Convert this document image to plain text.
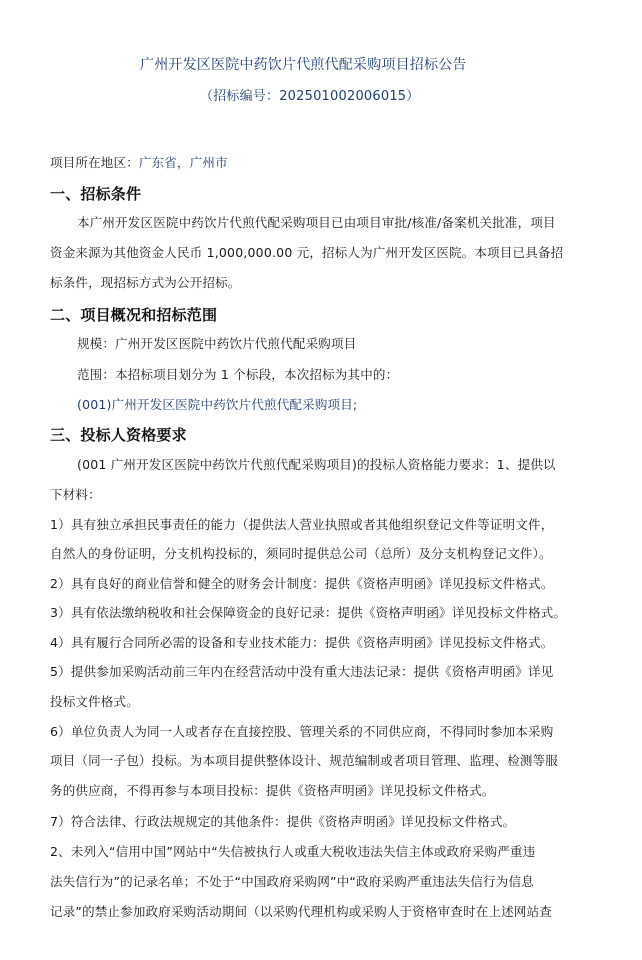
广州开发区医院中药饮片代煎代配采购项目招标公告
（招标编号：202501002006015）
项目所在地区：广东省，广州市
一、招标条件
本广州开发区医院中药饮片代煎代配采购项目已由项目审批/核准/备案机关批准，项目
资金来源为其他资金人民币 1,000,000.00 元，招标人为广州开发区医院。本项目已具备招
标条件，现招标方式为公开招标。
二、项目概况和招标范围
规模：广州开发区医院中药饮片代煎代配采购项目
范围：本招标项目划分为 1 个标段，本次招标为其中的：
(001)广州开发区医院中药饮片代煎代配采购项目;
三、投标人资格要求
(001 广州开发区医院中药饮片代煎代配采购项目)的投标人资格能力要求：1、提供以
下材料：
1）具有独立承担民事责任的能力（提供法人营业执照或者其他组织登记文件等证明文件，
自然人的身份证明，分支机构投标的，须同时提供总公司（总所）及分支机构登记文件）。
2）具有良好的商业信誉和健全的财务会计制度：提供《资格声明函》详见投标文件格式。
3）具有依法缴纳税收和社会保障资金的良好记录：提供《资格声明函》详见投标文件格式。
4）具有履行合同所必需的设备和专业技术能力：提供《资格声明函》详见投标文件格式。
5）提供参加采购活动前三年内在经营活动中没有重大违法记录：提供《资格声明函》详见
投标文件格式。
6）单位负责人为同一人或者存在直接控股、管理关系的不同供应商，不得同时参加本采购
项目（同一子包）投标。为本项目提供整体设计、规范编制或者项目管理、监理、检测等服
务的供应商，不得再参与本项目投标：提供《资格声明函》详见投标文件格式。
7）符合法律、行政法规规定的其他条件：提供《资格声明函》详见投标文件格式。
2、未列入“信用中国”网站中“失信被执行人或重大税收违法失信主体或政府采购严重违
法失信行为”的记录名单；不处于“中国政府采购网”中“政府采购严重违法失信行为信息
记录”的禁止参加政府采购活动期间（以采购代理机构或采购人于资格审查时在上述网站查
